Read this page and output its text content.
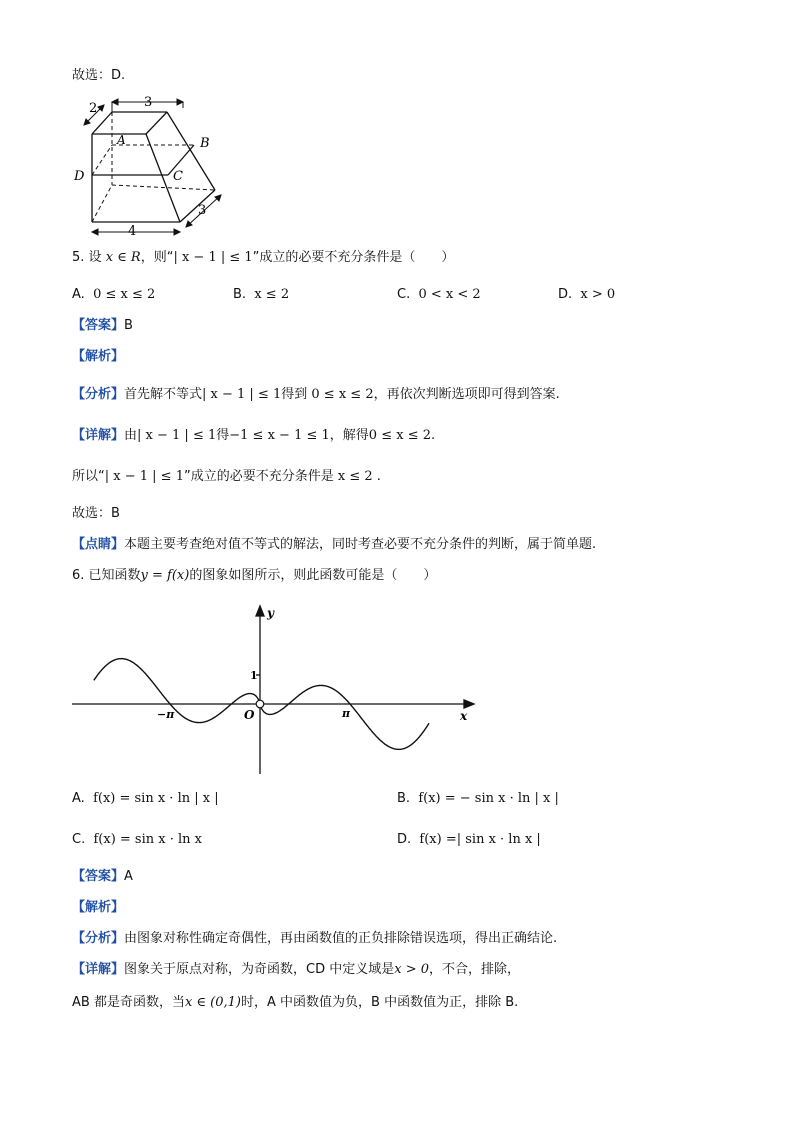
故选：D.
3
2
4
3
A	B
C
D
5. 设 x ∈ R，则“| x − 1 | ≤ 1”成立的必要不充分条件是（　　）
A. 0 ≤ x ≤ 2	B. x ≤ 2	C. 0 < x < 2	D. x > 0
【答案】B
【解析】
【分析】首先解不等式| x − 1 | ≤ 1得到 0 ≤ x ≤ 2，再依次判断选项即可得到答案.
【详解】由| x − 1 | ≤ 1得−1 ≤ x − 1 ≤ 1，解得0 ≤ x ≤ 2.
所以“| x − 1 | ≤ 1”成立的必要不充分条件是 x ≤ 2 .
故选：B
【点睛】本题主要考查绝对值不等式的解法，同时考查必要不充分条件的判断，属于简单题.
6. 已知函数y = f(x)的图象如图所示，则此函数可能是（　　）
y
x
1
−π	π
O
A. f(x) = sin x · ln | x |	B. f(x) = − sin x · ln | x |
C. f(x) = sin x · ln x	D. f(x) =| sin x · ln x |
【答案】A
【解析】
【分析】由图象对称性确定奇偶性，再由函数值的正负排除错误选项，得出正确结论.
【详解】图象关于原点对称，为奇函数，CD 中定义域是x > 0，不合，排除，
AB 都是奇函数，当x ∈ (0,1)时，A 中函数值为负，B 中函数值为正，排除 B.
